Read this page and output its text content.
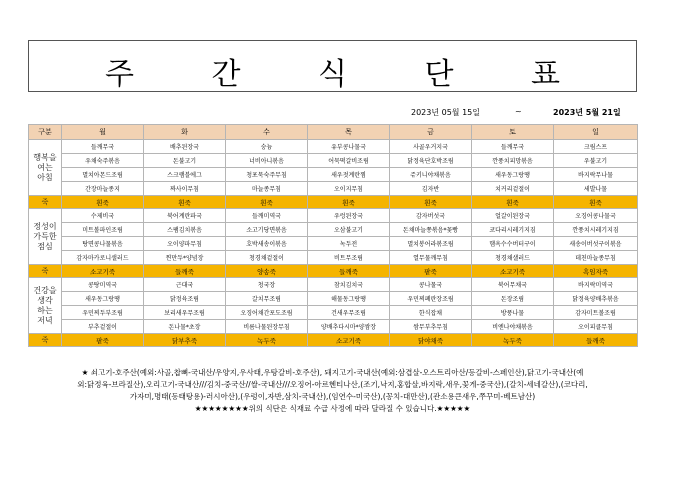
주 간 식 단 표
2023년 05월 15일	~	2023년 5월 21일
구분	월	화	수	목	금	토	일
행복을
여는
아침	들깨무국	배추된장국	숭늉	유부콩나물국	사골우거지국	들깨무국	크림스프
	우채숙주볶음	돈불고기	너비아니볶음	어묵떡갈비조림	닭정육단호박조림	깐풍치피망볶음	우불고기
	멸치아몬드조림	스크램블에그	청포묵숙주무침	새우젓계란찜	쥬키니야채볶음	새우동그랑땡	바지락무나물
	간장마늘종지	짜사이무침	마늘종무침	오이지무침	김자반	치커리겉절이	세발나물
죽	흰죽	흰죽	흰죽	흰죽	흰죽	흰죽	흰죽
정성이
가득한
점심	수제비국	북어계란파국	들깨미역국	우렁된장국	감자버섯국	얼갈이된장국	오징어콩나물국
	미트볼파인조림	스팸김치볶음	소고기당면볶음	오삼불고기	돈채마늘쫑볶음*꽃빵	코다리시레기지짐	깐풍치시레기지짐
	탕면콩나물볶음	오이양파무침	호박새송이볶음	녹두전	멸치봉어라볶조림	햄옥수수버터구이	새송이버섯구이볶음
	감자마카로니샐러드	찐만두*양념장	청경채겉절이	비트무조림	열무물깨무침	청경채샐러드	데친마늘종무침
죽	소고기죽	들깨죽	양송죽	들깨죽	팥죽	소고기죽	흑임자죽
건강을
생각
하는
저녁	콩탕미역국	근대국	청국장	참치김치국	콩나물국	북어무채국	바지락미역국
	새우동그랑땡	닭정육조림	갈치무조림	해물동그랑땡	우민찌폐란장조림	돈장조림	닭정육양배추볶음
	우민찌두부조림	보리새우무조림	오징어채간포도조림	건새우무조림	한식잡채	방풍나물	감자미트볼조림
	부추겉절이	돈나물*초장	비름나물된장무침	양배추다시마*양쌈장	쌈무부추무침	비엔나야채볶음	오이피클무침
죽	팥죽	닭부추죽	녹두죽	소고기죽	닭야채죽	녹두죽	들깨죽
★ 쇠고기-호주산(예외:사골,찹뼈-국내산/우양지,우사태,우탕갈비-호주산), 돼지고기-국내산(예외:삼겹살-오스트리아산/등갈비-스페인산),닭고기-국내산(예
외:닭정육-브라질산),오리고기-국내산///김치-중국산//쌀-국내산///오징어-아르헨티나산,(조기,낙지,홍합살,바지락,새우,꽃게-중국산),(갈치-세네갈산),(코다리,
가자미,명태(동태탕용)-러시아산),(우렁이,자반,삼치-국내산),(임연수-미국산),(꽁치-대만산),(관소용큰새우,쭈꾸미-베트남산)
★★★★★★★★위의 식단은 식재료 수급 사정에 따라 달라질 수 있습니다.★★★★★
